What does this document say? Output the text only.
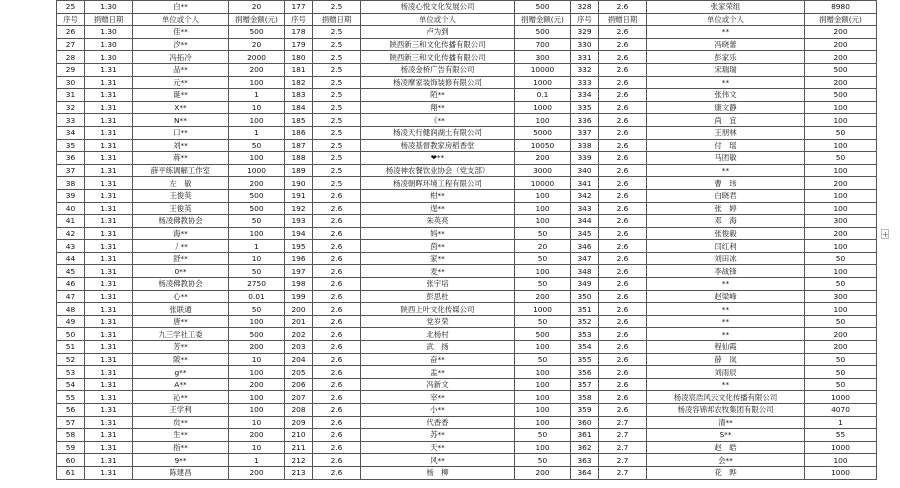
25	1.30	白**	20	177	2.5	杨凌心悦文化发展公司	500	328	2.6	张家荣组	8980
序号	捐赠日期	单位或个人	捐赠金额(元)	序号	捐赠日期	单位或个人	捐赠金额(元)	序号	捐赠日期	单位或个人	捐赠金额(元)
26	1.30	佳**	500	178	2.5	卢为到	500	329	2.6	**	200
27	1.30	汐**	20	179	2.5	陕西新三和文化传播有限公司	700	330	2.6	冯晓蕾	200
28	1.30	冯拓冷	2000	180	2.5	陕西新三和文化传播有限公司	300	331	2.6	彭家乐	200
29	1.31	品**	200	181	2.5	杨凌金桥广告有限公司	10000	332	2.6	宋瑞瑞	500
30	1.31	元**	100	182	2.5	杨凌摩家装饰装修有限公司	1000	333	2.6	**	200
31	1.31	诞**	1	183	2.5	陌**	0.1	334	2.6	张伟文	500
32	1.31	X**	10	184	2.5	翔**	1000	335	2.6	康文静	100
33	1.31	N**	100	185	2.5	《**	100	336	2.6	尚　宜	100
34	1.31	口**	1	186	2.5	杨凌天行健润湖土有限公司	5000	337	2.6	王朋林	50
35	1.31	刘**	50	187	2.5	杨凌基督教家房稻香堂	10050	338	2.6	付　瑶	100
36	1.31	蒋**	100	188	2.5	❤**	200	339	2.6	马团敏	50
37	1.31	薛平练调解工作室	1000	189	2.5	杨凌神农餐饮业协会（党支部）	3000	340	2.6	**	100
38	1.31	左　敏	200	190	2.5	杨凌朝晖环境工程有限公司	10000	341	2.6	曹　玮	200
39	1.31	王俊英	500	191	2.6	柑**	100	342	2.6	白晓君	100
40	1.31	王俊英	500	192	2.6	逞**	100	343	2.6	张　婷	100
41	1.31	杨凌佛教协会	50	193	2.6	朱英亮	100	344	2.6	邓　海	300
42	1.31	海**	100	194	2.6	妈**	50	345	2.6	张俊毅	200
43	1.31	丿**	1	195	2.6	茵**	20	346	2.6	闫红利	100
44	1.31	舒**	10	196	2.6	家**	50	347	2.6	刘田冰	50
45	1.31	0**	50	197	2.6	麦**	100	348	2.6	李战锋	100
46	1.31	杨凌佛教协会	2750	198	2.6	张宇培	50	349	2.6	**	50
47	1.31	心**	0.01	199	2.6	彭思杜	200	350	2.6	赵梁峰	300
48	1.31	张联通	50	200	2.6	陕西上叶文化传媒公司	1000	351	2.6	**	100
49	1.31	唐**	100	201	2.6	党岁荣	50	352	2.6	**	50
50	1.31	九三学社工委	500	202	2.6	北杨村	500	353	2.6	**	200
51	1.31	芳**	200	203	2.6	武　扬	100	354	2.6	程仙霞	200
52	1.31	陂**	10	204	2.6	奋**	50	355	2.6	薛　岚	50
53	1.31	g**	100	205	2.6	盂**	100	356	2.6	刘雨辰	50
54	1.31	A**	200	206	2.6	冯新文	100	357	2.6	**	50
55	1.31	沁**	100	207	2.6	宰**	100	358	2.6	杨凌宸浩风云文化传播有限公司	1000
56	1.31	王学利	100	208	2.6	小**	100	359	2.6	杨凌容锦邦农牧集团有限公司	4070
57	1.31	贠**	10	209	2.6	代香香	100	360	2.7	清**	1
58	1.31	生**	200	210	2.6	苏**	50	361	2.7	S**	55
59	1.31	指**	10	211	2.6	天**	100	362	2.7	赵　皓	1000
60	1.31	9**	1	212	2.6	风**	50	363	2.7	会**	100
61	1.31	陈建昌	200	213	2.6	杨　柳	200	364	2.7	花　晔	1000
+
